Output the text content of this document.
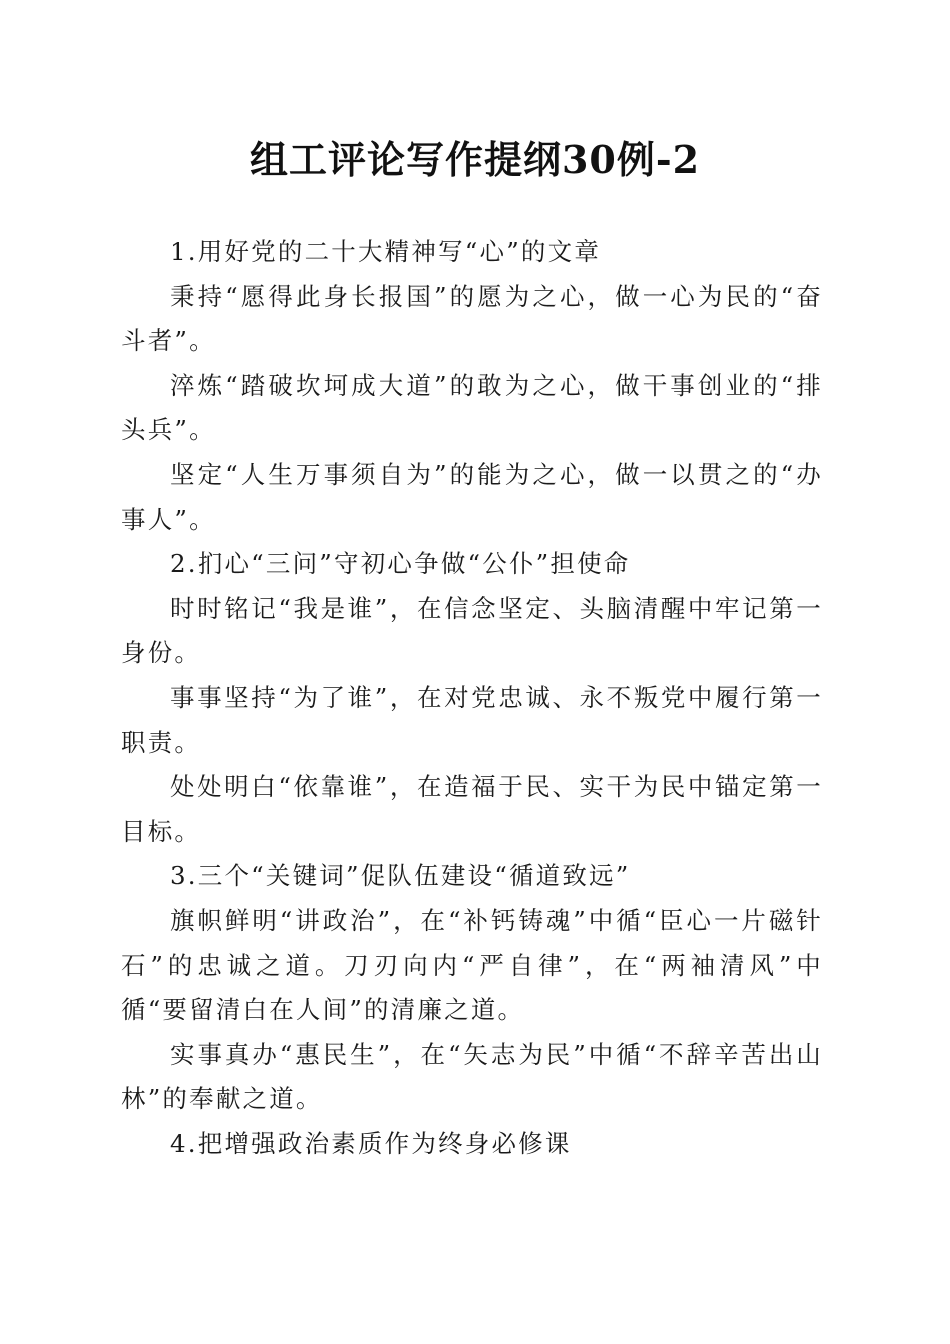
组工评论写作提纲30例-2

1.用好党的二十大精神写“心”的文章

秉持“愿得此身长报国”的愿为之心，做一心为民的“奋斗者”。

淬炼“踏破坎坷成大道”的敢为之心，做干事创业的“排头兵”。

坚定“人生万事须自为”的能为之心，做一以贯之的“办事人”。

2.扪心“三问”守初心争做“公仆”担使命

时时铭记“我是谁”，在信念坚定、头脑清醒中牢记第一身份。

事事坚持“为了谁”，在对党忠诚、永不叛党中履行第一职责。

处处明白“依靠谁”，在造福于民、实干为民中锚定第一目标。

3.三个“关键词”促队伍建设“循道致远”

旗帜鲜明“讲政治”，在“补钙铸魂”中循“臣心一片磁针石”的忠诚之道。刀刃向内“严自律”，在“两袖清风”中循“要留清白在人间”的清廉之道。

实事真办“惠民生”，在“矢志为民”中循“不辞辛苦出山林”的奉献之道。

4.把增强政治素质作为终身必修课
